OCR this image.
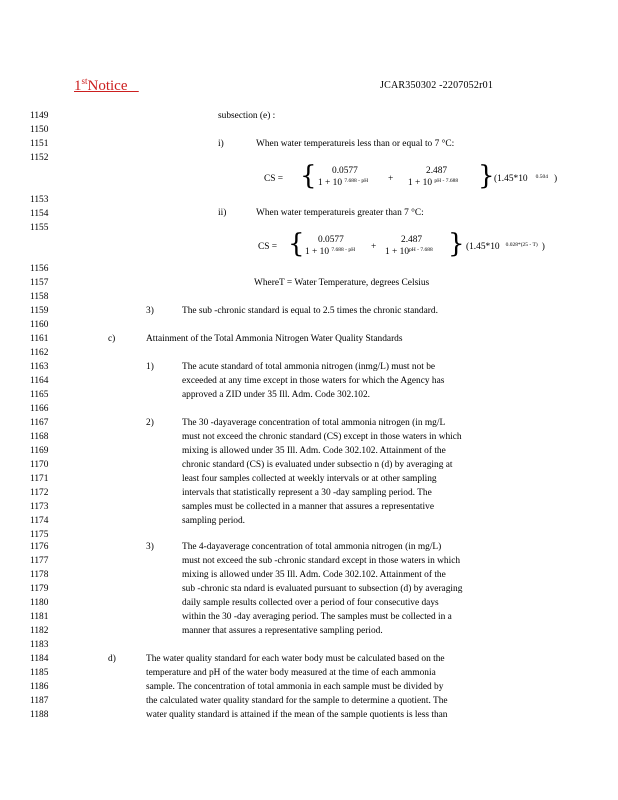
1stNotice	JCAR350302 -2207052r01
1149
1150
1151
1152
1153
1154
1155
1156
1157
1158
1159
1160
1161
1162
1163
1164
1165
1166
1167
1168
1169
1170
1171
1172
1173
1174
1175
1176
1177
1178
1179
1180
1181
1182
1183
1184
1185
1186
1187
1188
subsection (e) :
i)	When water temperatureis less than or equal to 7 °C:
CS = { 0.0577
1 + 10 $^{7.688 - pH}$ +
2.487
1 + 10 $^{pH - 7.688}$ } (1.45*10 $^{0.504}$ )
ii)	When water temperatureis greater than 7 °C:
CS = { 0.0577
1 + 10 $^{7.688 - pH}$ +
2.487
$1 + 10^{pH - 7.688}$ } (1.45*10 $^{0.028*(25 - T)}$ )
WhereT = Water Temperature, degrees Celsius
3)	The sub -chronic standard is equal to 2.5 times the chronic standard.
c)	Attainment of the Total Ammonia Nitrogen Water Quality Standards
1)	The acute standard of total ammonia nitrogen (inmg/L) must not be
exceeded at any time except in those waters for which the Agency has
approved a ZID under 35 Ill. Adm. Code 302.102.
2)	The 30 -dayaverage concentration of total ammonia nitrogen (in mg/L
must not exceed the chronic standard (CS) except in those waters in which
mixing is allowed under 35 Ill. Adm. Code 302.102. Attainment of the
chronic standard (CS) is evaluated under subsectio n (d) by averaging at
least four samples collected at weekly intervals or at other sampling
intervals that statistically represent a 30 -day sampling period. The
samples must be collected in a manner that assures a representative
sampling period.
3)	The 4-dayaverage concentration of total ammonia nitrogen (in mg/L)
must not exceed the sub -chronic standard except in those waters in which
mixing is allowed under 35 Ill. Adm. Code 302.102. Attainment of the
sub -chronic sta ndard is evaluated pursuant to subsection (d) by averaging
daily sample results collected over a period of four consecutive days
within the 30 -day averaging period. The samples must be collected in a
manner that assures a representative sampling period.
d)	The water quality standard for each water body must be calculated based on the
temperature and pH of the water body measured at the time of each ammonia
sample. The concentration of total ammonia in each sample must be divided by
the calculated water quality standard for the sample to determine a quotient. The
water quality standard is attained if the mean of the sample quotients is less than
